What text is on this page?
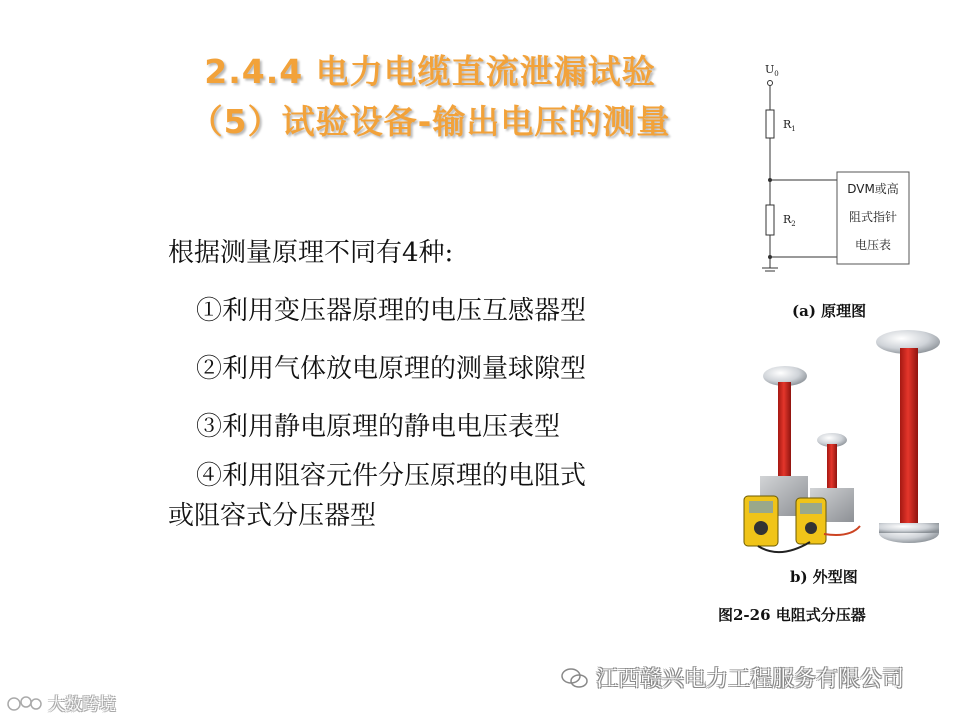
2.4.4 电力电缆直流泄漏试验
（5）试验设备-输出电压的测量

根据测量原理不同有4种:

①利用变压器原理的电压互感器型

②利用气体放电原理的测量球隙型

③利用静电原理的静电电压表型

④利用阻容元件分压原理的电阻式

或阻容式分压器型

$U_0$
$R_1$
$R_2$
DVM或高
阻式指针
电压表
(a) 原理图
b) 外型图
图2-26 电阻式分压器
江西赣兴电力工程服务有限公司
大数跨境
